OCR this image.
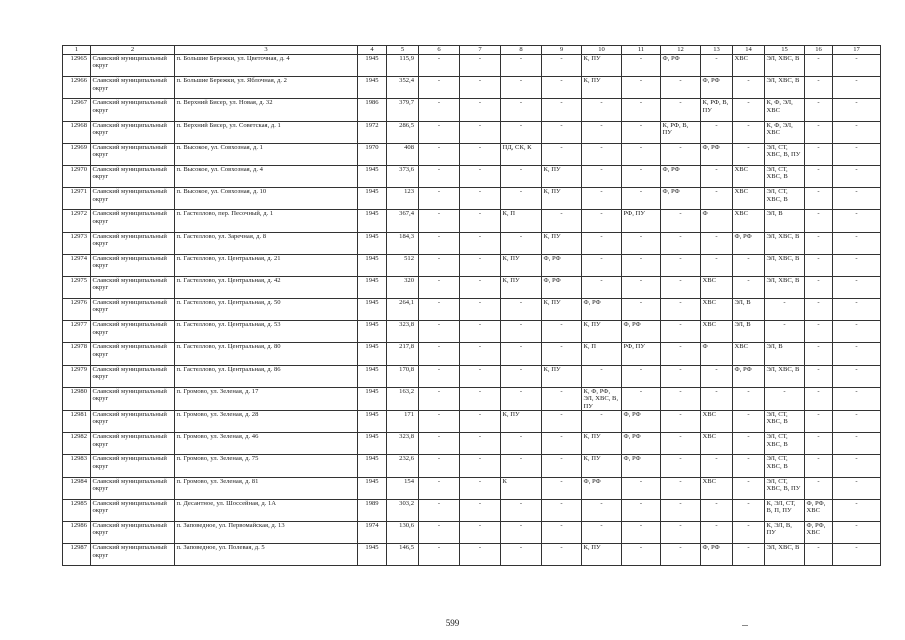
1	2	3	4	5	6	7	8	9	10	11	12	13	14	15	16	17
12965	Славский муниципальный округ	п. Большие Бережки, ул. Цветочная, д. 4	1945	115,9	-	-	-	-	К, ПУ	-	Ф, РФ	-	ХВС	ЭЛ, ХВС, В	-	-
12966	Славский муниципальный округ	п. Большие Бережки, ул. Яблочная, д. 2	1945	352,4	-	-	-	-	К, ПУ	-	-	Ф, РФ	-	ЭЛ, ХВС, В	-	-
12967	Славский муниципальный округ	п. Верхний Бисер, ул. Новая, д. 32	1986	379,7	-	-	-	-	-	-	-	К, РФ, В, ПУ	-	К, Ф, ЭЛ, ХВС	-	-
12968	Славский муниципальный округ	п. Верхний Бисер, ул. Советская, д. 1	1972	286,5	-	-	-	-	-	-	К, РФ, В, ПУ	-	-	К, Ф, ЭЛ, ХВС	-	-
12969	Славский муниципальный округ	п. Высокое, ул. Совхозная, д. 1	1970	408	-	-	ПД, СК, К	-	-	-	-	Ф, РФ	-	ЭЛ, СТ, ХВС, В, ПУ	-	-
12970	Славский муниципальный округ	п. Высокое, ул. Совхозная, д. 4	1945	373,6	-	-	-	К, ПУ	-	-	Ф, РФ	-	ХВС	ЭЛ, СТ, ХВС, В	-	-
12971	Славский муниципальный округ	п. Высокое, ул. Совхозная, д. 10	1945	123	-	-	-	К, ПУ	-	-	Ф, РФ	-	ХВС	ЭЛ, СТ, ХВС, В	-	-
12972	Славский муниципальный округ	п. Гастеллово, пер. Песочный, д. 1	1945	367,4	-	-	К, П	-	-	РФ, ПУ	-	Ф	ХВС	ЭЛ, В	-	-
12973	Славский муниципальный округ	п. Гастеллово, ул. Заречная, д. 8	1945	184,3	-	-	-	К, ПУ	-	-	-	-	Ф, РФ	ЭЛ, ХВС, В	-	-
12974	Славский муниципальный округ	п. Гастеллово, ул. Центральная, д. 21	1945	512	-	-	К, ПУ	Ф, РФ	-	-	-	-	-	ЭЛ, ХВС, В	-	-
12975	Славский муниципальный округ	п. Гастеллово, ул. Центральная, д. 42	1945	320	-	-	К, ПУ	Ф, РФ	-	-	-	ХВС	-	ЭЛ, ХВС, В	-	-
12976	Славский муниципальный округ	п. Гастеллово, ул. Центральная, д. 50	1945	264,1	-	-	-	К, ПУ	Ф, РФ	-	-	ХВС	ЭЛ, В	-	-	-
12977	Славский муниципальный округ	п. Гастеллово, ул. Центральная, д. 53	1945	323,8	-	-	-	-	К, ПУ	Ф, РФ	-	ХВС	ЭЛ, В	-	-	-
12978	Славский муниципальный округ	п. Гастеллово, ул. Центральная, д. 80	1945	217,8	-	-	-	-	К, П	РФ, ПУ	-	Ф	ХВС	ЭЛ, В	-	-
12979	Славский муниципальный округ	п. Гастеллово, ул. Центральная, д. 86	1945	170,8	-	-	-	К, ПУ	-	-	-	-	Ф, РФ	ЭЛ, ХВС, В	-	-
12980	Славский муниципальный округ	п. Громово, ул. Зеленая, д. 17	1945	163,2	-	-	-	-	К, Ф, РФ, ЭЛ, ХВС, В, ПУ	-	-	-	-	-	-	-
12981	Славский муниципальный округ	п. Громово, ул. Зеленая, д. 28	1945	171	-	-	К, ПУ	-	-	Ф, РФ	-	ХВС	-	ЭЛ, СТ, ХВС, В	-	-
12982	Славский муниципальный округ	п. Громово, ул. Зеленая, д. 46	1945	323,8	-	-	-	-	К, ПУ	Ф, РФ	-	ХВС	-	ЭЛ, СТ, ХВС, В	-	-
12983	Славский муниципальный округ	п. Громово, ул. Зеленая, д. 75	1945	232,6	-	-	-	-	К, ПУ	Ф, РФ	-	-	-	ЭЛ, СТ, ХВС, В	-	-
12984	Славский муниципальный округ	п. Громово, ул. Зеленая, д. 81	1945	154	-	-	К	-	Ф, РФ	-	-	ХВС	-	ЭЛ, СТ, ХВС, В, ПУ	-	-
12985	Славский муниципальный округ	п. Десантное, ул. Шоссейная, д. 1А	1989	303,2	-	-	-	-	-	-	-	-	-	К, ЭЛ, СТ, В, П, ПУ	Ф, РФ, ХВС	-
12986	Славский муниципальный округ	п. Заповедное, ул. Первомайская, д. 13	1974	130,6	-	-	-	-	-	-	-	-	-	К, ЭЛ, В, ПУ	Ф, РФ, ХВС	-
12987	Славский муниципальный округ	п. Заповедное, ул. Полевая, д. 5	1945	146,5	-	-	-	-	К, ПУ	-	-	Ф, РФ	-	ЭЛ, ХВС, В	-	-
599
